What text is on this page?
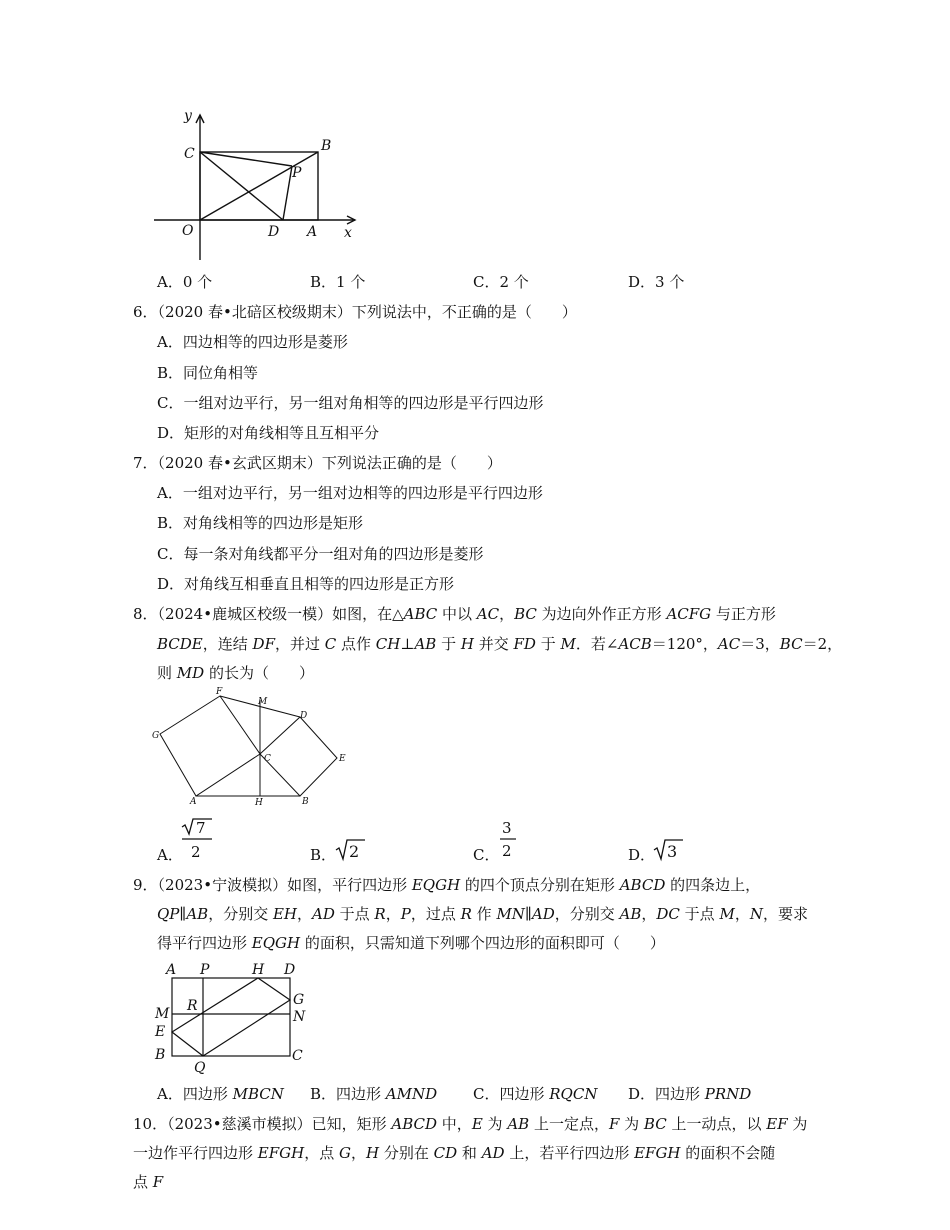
y
x
C	B
P
O	D A
A．0 个	B．1 个	C．2 个	D．3 个
6．（2020 春•北碚区校级期末）下列说法中，不正确的是（　　）
A．四边相等的四边形是菱形
B．同位角相等
C．一组对边平行，另一组对角相等的四边形是平行四边形
D．矩形的对角线相等且互相平分
7．（2020 春•玄武区期末）下列说法正确的是（　　）
A．一组对边平行，另一组对边相等的四边形是平行四边形
B．对角线相等的四边形是矩形
C．每一条对角线都平分一组对角的四边形是菱形
D．对角线互相垂直且相等的四边形是正方形
8．（2024•鹿城区校级一模）如图，在△ABC 中以 AC，BC 为边向外作正方形 ACFG 与正方形
BCDE，连结 DF，并过 C 点作 CH⊥AB 于 H 并交 FD 于 M．若∠ACB＝120°，AC＝3，BC＝2，
则 MD 的长为（　　）
G
F
M
D
C	E
A	H	B
A．
7
2	B． 2	C．
3
2	D． 3
9．（2023•宁波模拟）如图，平行四边形 EQGH 的四个顶点分别在矩形 ABCD 的四条边上，
QP∥AB，分别交 EH，AD 于点 R，P，过点 R 作 MN∥AD，分别交 AB，DC 于点 M，N，要求
得平行四边形 EQGH 的面积，只需知道下列哪个四边形的面积即可（　　）
A P	H D
M R	G
N
E
B
Q
C
A．四边形 MBCN B．四边形 AMND C．四边形 RQCN D．四边形 PRND
10．（2023•慈溪市模拟）已知，矩形 ABCD 中，E 为 AB 上一定点，F 为 BC 上一动点，以 EF 为
一边作平行四边形 EFGH，点 G，H 分别在 CD 和 AD 上，若平行四边形 EFGH 的面积不会随
点 F
